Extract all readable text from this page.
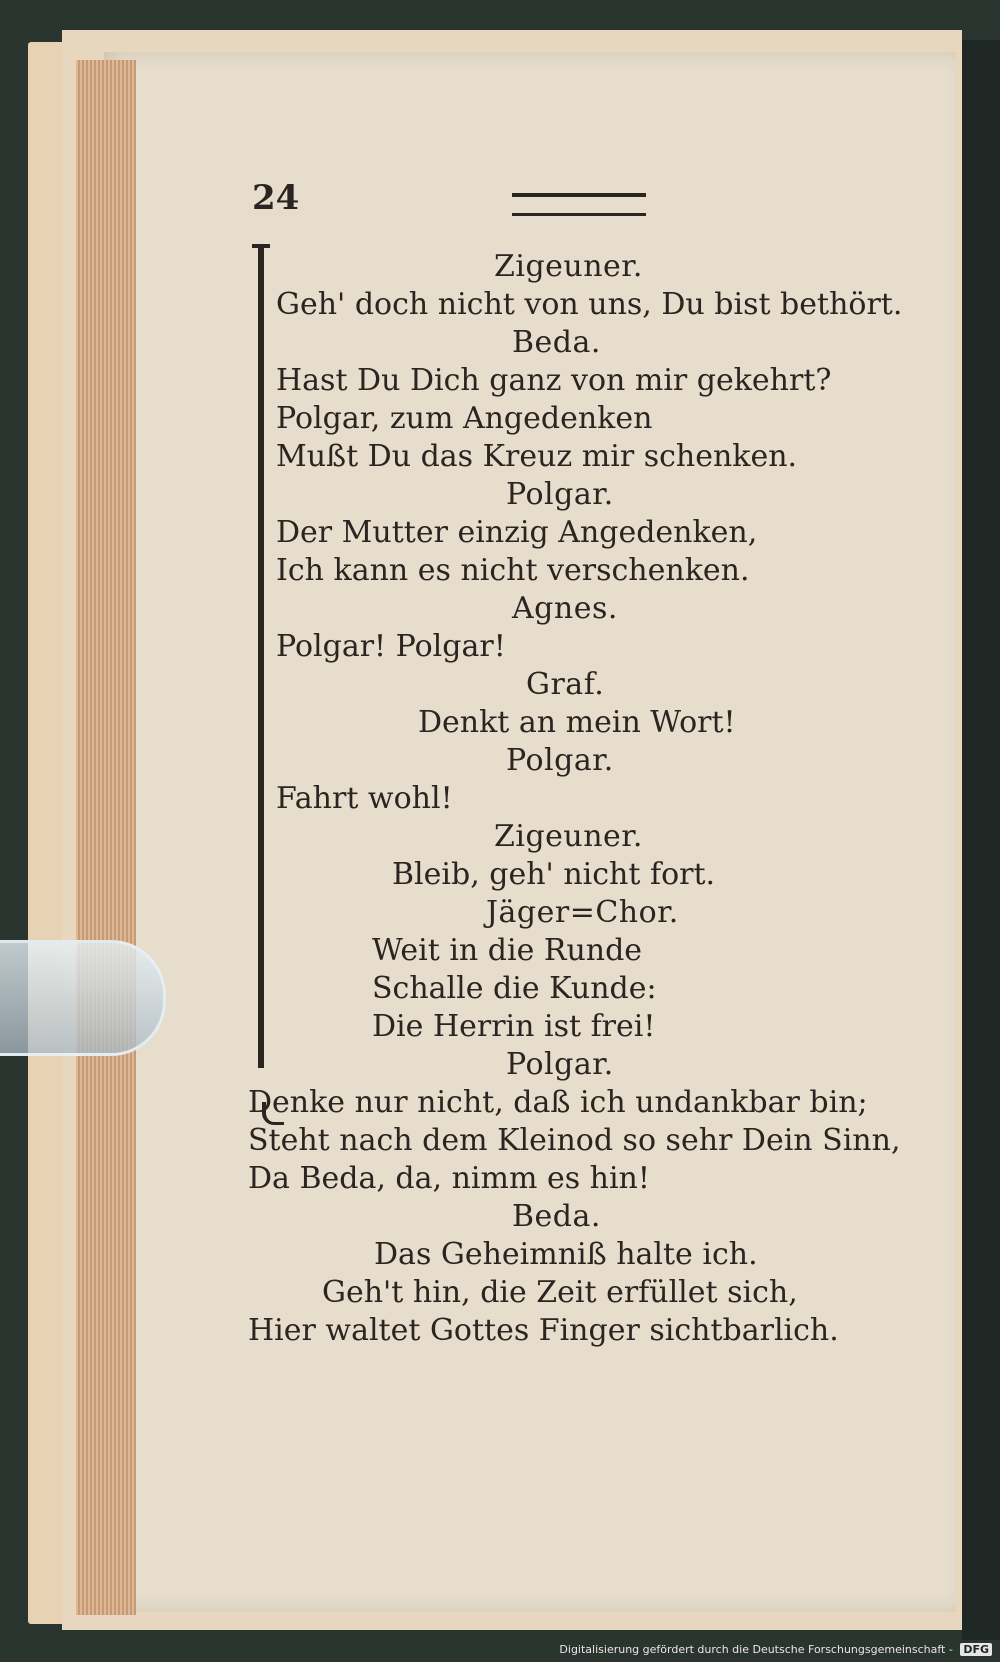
24
Zigeuner.
Geh' doch nicht von uns, Du bist bethört.
Beda.
Hast Du Dich ganz von mir gekehrt?
Polgar, zum Angedenken
Mußt Du das Kreuz mir schenken.
Polgar.
Der Mutter einzig Angedenken,
Ich kann es nicht verschenken.
Agnes.
Polgar! Polgar!
Graf.
Denkt an mein Wort!
Polgar.
Fahrt wohl!
Zigeuner.
Bleib, geh' nicht fort.
Jäger=Chor.
Weit in die Runde
Schalle die Kunde:
Die Herrin ist frei!
Polgar.
Denke nur nicht, daß ich undankbar bin;
Steht nach dem Kleinod so sehr Dein Sinn,
Da Beda, da, nimm es hin!
Beda.
Das Geheimniß halte ich.
Geh't hin, die Zeit erfüllet sich,
Hier waltet Gottes Finger sichtbarlich.
Digitalisierung gefördert durch die Deutsche Forschungsgemeinschaft - DFG
